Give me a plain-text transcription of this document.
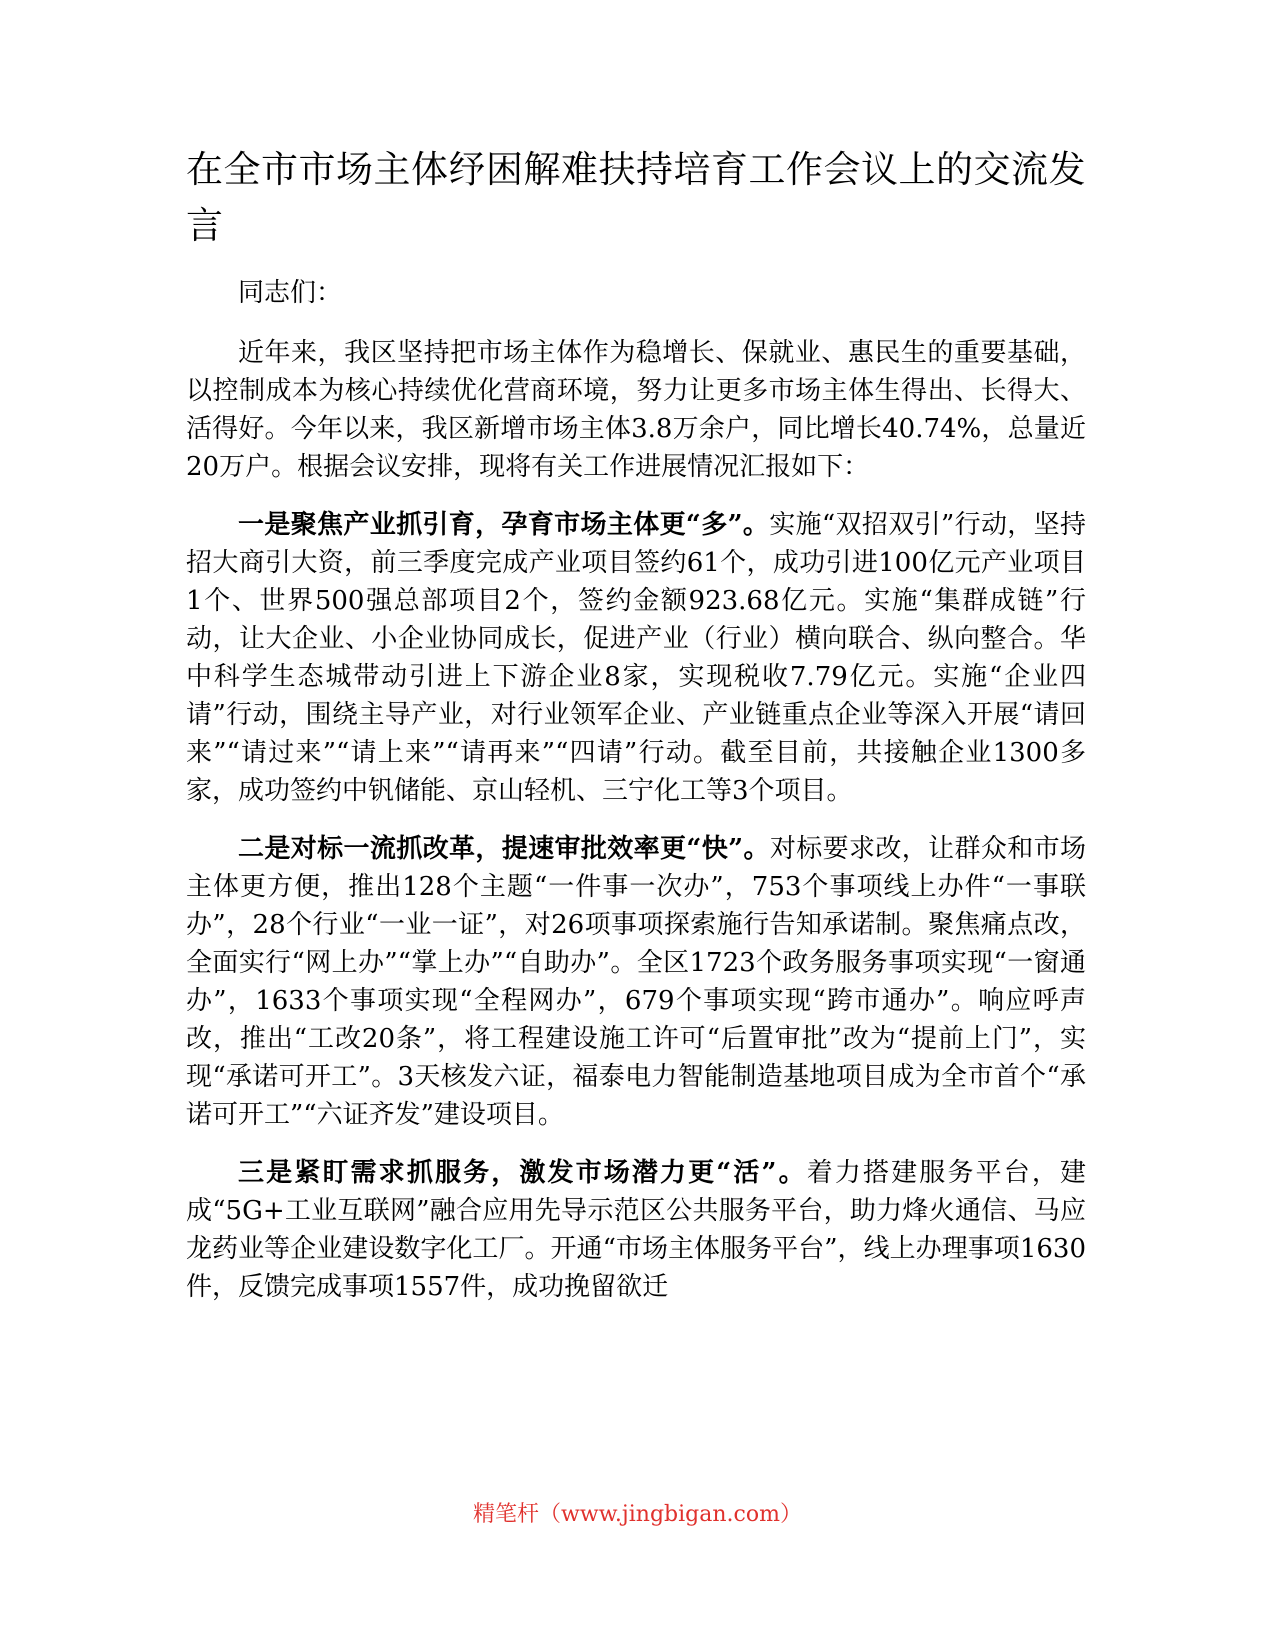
在全市市场主体纾困解难扶持培育工作会议上的交流发言

同志们：

近年来，我区坚持把市场主体作为稳增长、保就业、惠民生的重要基础，以控制成本为核心持续优化营商环境，努力让更多市场主体生得出、长得大、活得好。今年以来，我区新增市场主体3.8万余户，同比增长40.74%，总量近20万户。根据会议安排，现将有关工作进展情况汇报如下：

一是聚焦产业抓引育，孕育市场主体更“多”。实施“双招双引”行动，坚持招大商引大资，前三季度完成产业项目签约61个，成功引进100亿元产业项目1个、世界500强总部项目2个，签约金额923.68亿元。实施“集群成链”行动，让大企业、小企业协同成长，促进产业（行业）横向联合、纵向整合。华中科学生态城带动引进上下游企业8家，实现税收7.79亿元。实施“企业四请”行动，围绕主导产业，对行业领军企业、产业链重点企业等深入开展“请回来”“请过来”“请上来”“请再来”“四请”行动。截至目前，共接触企业1300多家，成功签约中钒储能、京山轻机、三宁化工等3个项目。

二是对标一流抓改革，提速审批效率更“快”。对标要求改，让群众和市场主体更方便，推出128个主题“一件事一次办”，753个事项线上办件“一事联办”，28个行业“一业一证”，对26项事项探索施行告知承诺制。聚焦痛点改，全面实行“网上办”“掌上办”“自助办”。全区1723个政务服务事项实现“一窗通办”，1633个事项实现“全程网办”，679个事项实现“跨市通办”。响应呼声改，推出“工改20条”，将工程建设施工许可“后置审批”改为“提前上门”，实现“承诺可开工”。3天核发六证，福泰电力智能制造基地项目成为全市首个“承诺可开工”“六证齐发”建设项目。

三是紧盯需求抓服务，激发市场潜力更“活”。着力搭建服务平台，建成“5G+工业互联网”融合应用先导示范区公共服务平台，助力烽火通信、马应龙药业等企业建设数字化工厂。开通“市场主体服务平台”，线上办理事项1630件，反馈完成事项1557件，成功挽留欲迁

精笔杆（www.jingbigan.com）
